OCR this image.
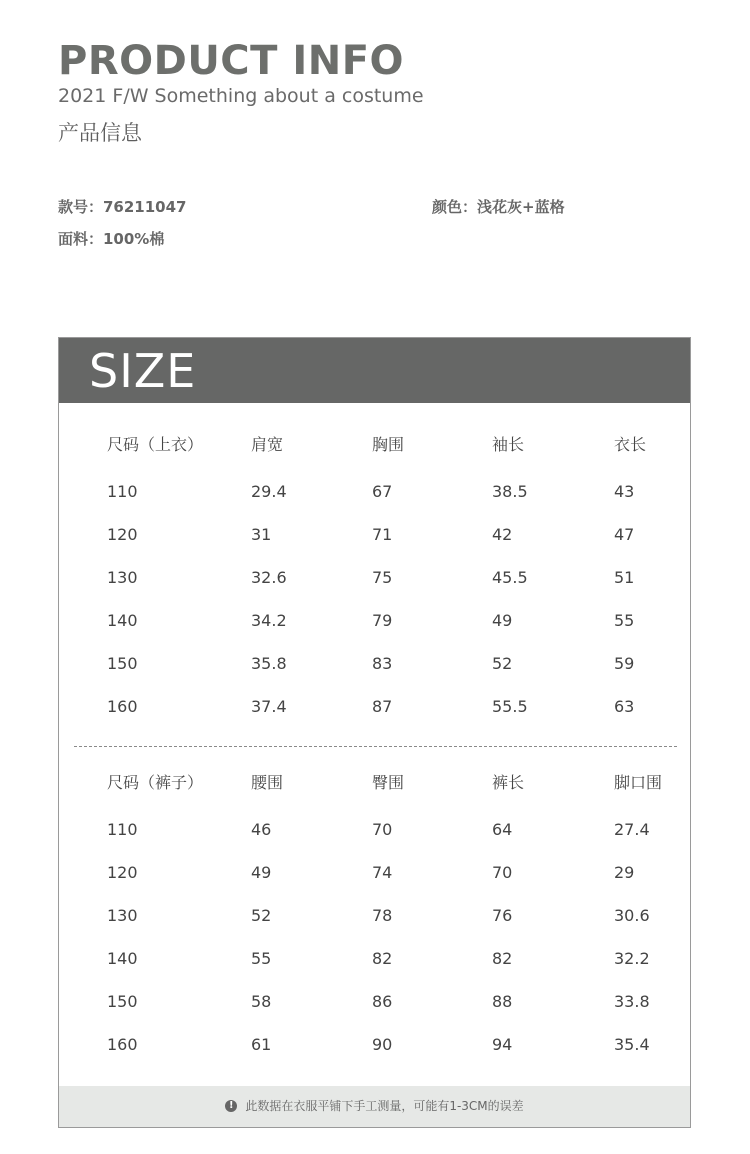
PRODUCT INFO
2021 F/W Something about a costume
产品信息
款号：76211047	颜色：浅花灰+蓝格
面料：100%棉
SIZE
尺码（上衣）	肩宽	胸围	袖长	衣长
110	29.4	67	38.5	43
120	31	71	42	47
130	32.6	75	45.5	51
140	34.2	79	49	55
150	35.8	83	52	59
160	37.4	87	55.5	63
尺码（裤子）	腰围	臀围	裤长	脚口围
110	46	70	64	27.4
120	49	74	70	29
130	52	78	76	30.6
140	55	82	82	32.2
150	58	86	88	33.8
160	61	90	94	35.4
! 此数据在衣服平铺下手工测量，可能有1-3CM的误差
